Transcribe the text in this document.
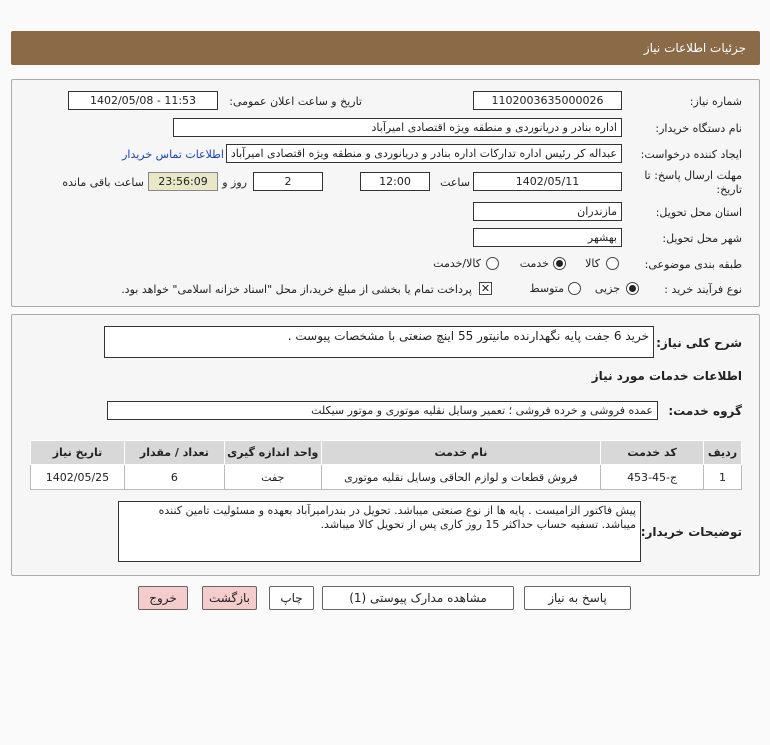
جزئیات اطلاعات نیاز
شماره نیاز:
1102003635000026
تاریخ و ساعت اعلان عمومی:
1402/05/08 - 11:53
نام دستگاه خریدار:
اداره بنادر و دریانوردی و منطقه ویژه اقتصادی امیرآباد
ایجاد کننده درخواست:
عبداله کر رئیس اداره تدارکات اداره بنادر و دریانوردی و منطقه ویژه اقتصادی امیرآباد
اطلاعات تماس خریدار
مهلت ارسال پاسخ: تا
تاریخ:
1402/05/11
ساعت
12:00
2
روز و
23:56:09
ساعت باقی مانده
استان محل تحویل:
مازندران
شهر محل تحویل:
بهشهر
طبقه بندی موضوعی:
کالا
خدمت
کالا/خدمت
نوع فرآیند خرید :
جزیی
متوسط
✕
پرداخت تمام یا بخشی از مبلغ خرید،از محل "اسناد خزانه اسلامی" خواهد بود.
شرح کلی نیاز:
خرید 6 جفت پایه نگهدارنده مانیتور 55 اینچ صنعتی با مشخصات پیوست .
اطلاعات خدمات مورد نیاز
گروه خدمت:
عمده فروشی و خرده فروشی ؛ تعمیر وسایل نقلیه موتوری و موتور سیکلت
ردیف	کد خدمت	نام خدمت	واحد اندازه گیری	تعداد / مقدار	تاریخ نیاز
1	ج-45-453	فروش قطعات و لوازم الحاقی وسایل نقلیه موتوری	جفت	6	1402/05/25
توضیحات خریدار:
پیش فاکتور الزامیست . پایه ها از نوع صنعتی میباشد. تحویل در بندرامیرآباد بعهده و مسئولیت تامین کننده میباشد. تسفیه حساب حداکثر 15 روز کاری پس از تحویل کالا میباشد.
پاسخ به نیاز
مشاهده مدارک پیوستی (1)
چاپ
بازگشت
خروج
